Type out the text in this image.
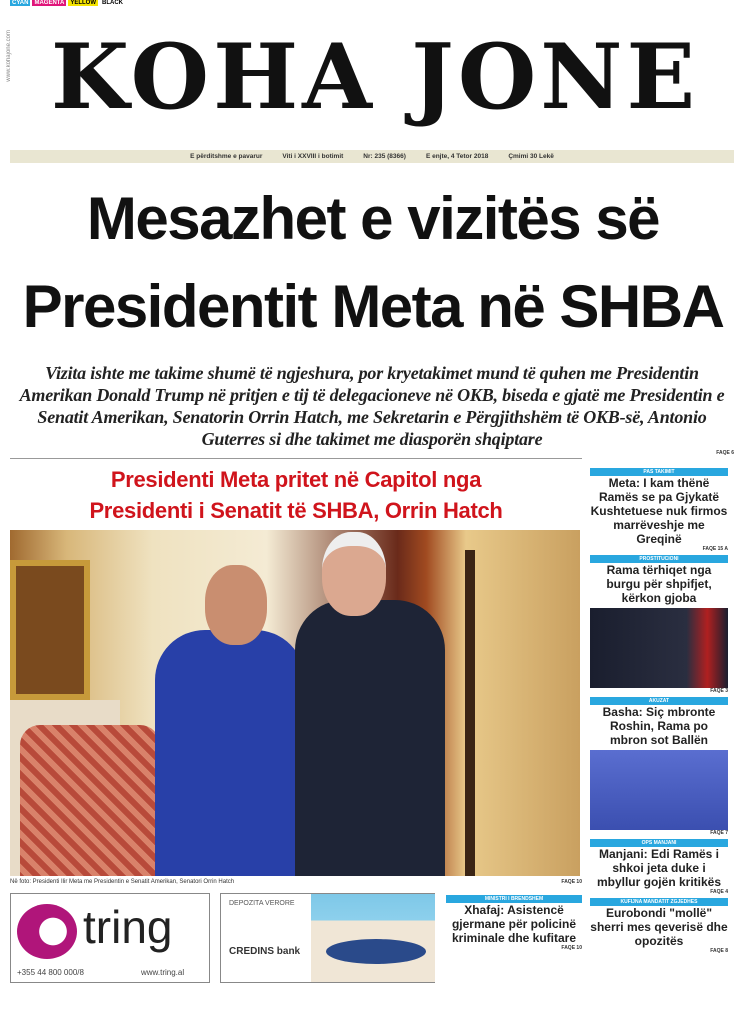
CYAN	MAGENTA	YELLOW	BLACK
www.kohajone.com KOHA JONE
E përditshme e pavarur	Viti i XXVIII i botimit	Nr: 235 (8366)	E enjte, 4 Tetor 2018	Çmimi 30 Lekë
Mesazhet e vizitës së
Presidentit Meta në SHBA
Vizita ishte me takime shumë të ngjeshura, por kryetakimet mund të quhen me Presidentin Amerikan Donald Trump në pritjen e tij të delegacioneve në OKB, biseda e gjatë me Presidentin e Senatit Amerikan, Senatorin Orrin Hatch, me Sekretarin e Përgjithshëm të OKB-së, Antonio Guterres si dhe takimet me diasporën shqiptare
FAQE 6
Presidenti Meta pritet në Capitol nga
Presidenti i Senatit të SHBA, Orrin Hatch
Në foto: Presidenti Ilir Meta me Presidentin e Senatit Amerikan, Senatori Orrin Hatch	FAQE 10
tring
+355 44 800 000/8	www.tring.al
DEPOZITA VERORE
CREDINS bank
MINISTRI I BRENDSHEM
Xhafaj: Asistencë gjermane për policinë kriminale dhe kufitare
FAQE 10
PAS TAKIMIT
Meta: I kam thënë Ramës se pa Gjykatë Kushtetuese nuk firmos marrëveshje me Greqinë
FAQE 15 A
PROSTITUCIONI
Rama tërhiqet nga burgu për shpifjet, kërkon gjoba
FAQE 3
AKUZAT
Basha: Siç mbronte Roshin, Rama po mbron sot Ballën
FAQE 7
OPS MANJANI
Manjani: Edi Ramës i shkoi jeta duke i mbyllur gojën kritikës
FAQE 4
KUFIJNA MANDATIT ZGJEDHES
Eurobondi "mollë" sherri mes qeverisë dhe opozitës
FAQE 8
